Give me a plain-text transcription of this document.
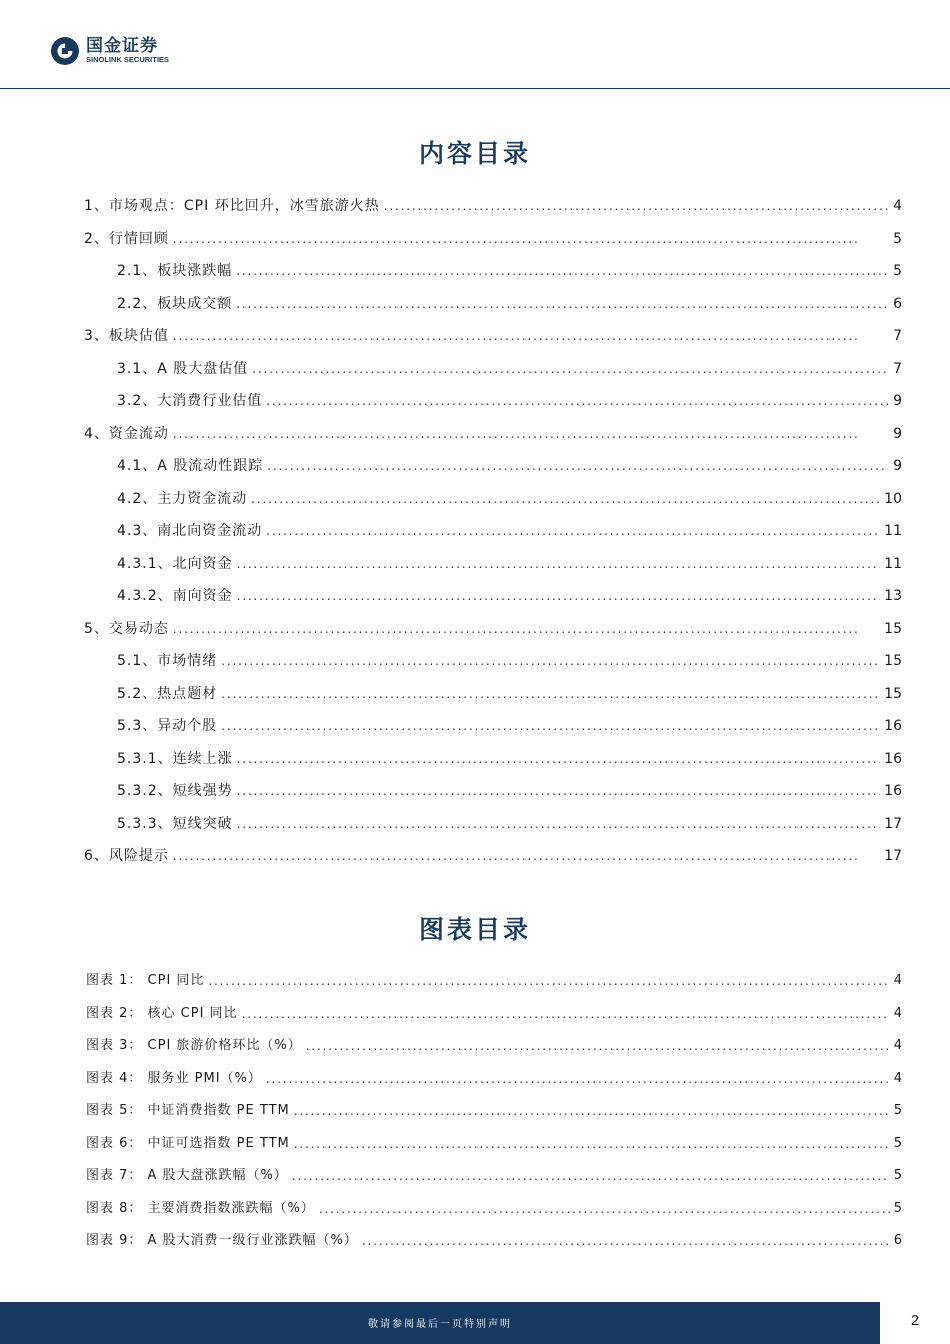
国金证券
SINOLINK SECURITIES
内容目录
1、市场观点：CPI 环比回升，冰雪旅游火热 . . .	4
2、行情回顾 . . .	5
2.1、板块涨跌幅 . . .	5
2.2、板块成交额 . . .	6
3、板块估值 . . .	7
3.1、A 股大盘估值 . . .	7
3.2、大消费行业估值 . . .	9
4、资金流动 . . .	9
4.1、A 股流动性跟踪 . . .	9
4.2、主力资金流动 . . .	10
4.3、南北向资金流动 . . .	11
4.3.1、北向资金 . . .	11
4.3.2、南向资金 . . .	13
5、交易动态 . . .	15
5.1、市场情绪 . . .	15
5.2、热点题材 . . .	15
5.3、异动个股 . . .	16
5.3.1、连续上涨 . . .	16
5.3.2、短线强势 . . .	16
5.3.3、短线突破 . . .	17
6、风险提示 . . .	17
图表目录
图表 1： CPI 同比 . . .	4
图表 2： 核心 CPI 同比 . . .	4
图表 3： CPI 旅游价格环比（%） . . .	4
图表 4： 服务业 PMI（%） . . .	4
图表 5： 中证消费指数 PE TTM . . .	5
图表 6： 中证可选指数 PE TTM . . .	5
图表 7： A 股大盘涨跌幅（%） . . .	5
图表 8： 主要消费指数涨跌幅（%） . . .	5
图表 9： A 股大消费一级行业涨跌幅（%） . . .	6
敬请参阅最后一页特别声明	2
